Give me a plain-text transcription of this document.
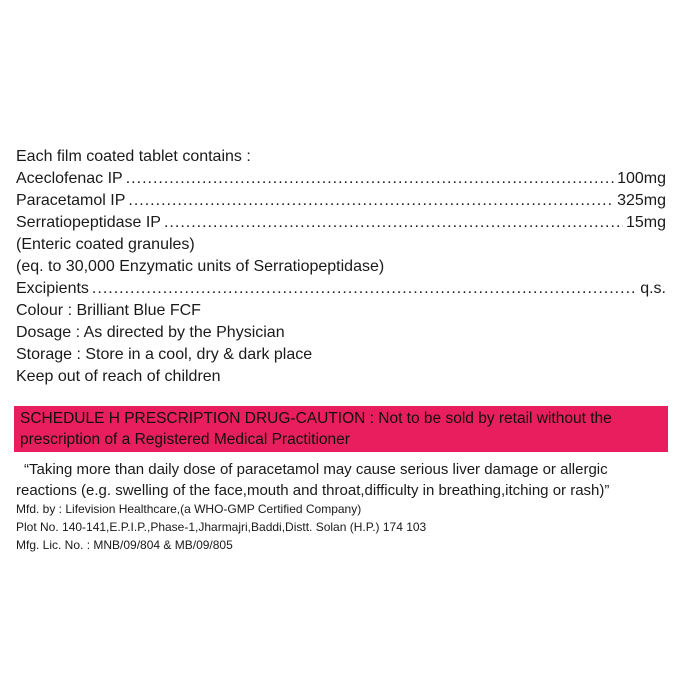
Each film coated tablet contains :
Aceclofenac IP .....	100mg
Paracetamol IP .....	325mg
Serratiopeptidase IP .....	15mg
(Enteric coated granules)
(eq. to 30,000 Enzymatic units of Serratiopeptidase)
Excipients .....	q.s.
Colour : Brilliant Blue FCF
Dosage : As directed by the Physician
Storage : Store in a cool, dry & dark place
Keep out of reach of children
SCHEDULE H PRESCRIPTION DRUG-CAUTION : Not to be sold by retail without the
prescription of a Registered Medical Practitioner
“Taking more than daily dose of paracetamol may cause serious liver damage or allergic
reactions (e.g. swelling of the face,mouth and throat,difficulty in breathing,itching or rash)”
Mfd. by : Lifevision Healthcare,(a WHO-GMP Certified Company)
Plot No. 140-141,E.P.I.P.,Phase-1,Jharmajri,Baddi,Distt. Solan (H.P.) 174 103
Mfg. Lic. No. : MNB/09/804 & MB/09/805
